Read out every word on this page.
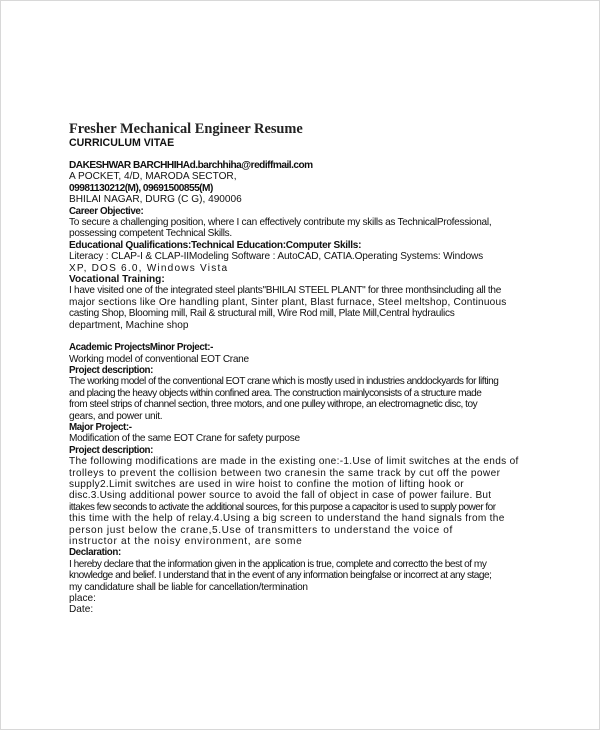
Fresher Mechanical Engineer Resume
CURRICULUM VITAE
DAKESHWAR BARCHHIHAd.barchhiha@rediffmail.com
A POCKET, 4/D, MARODA SECTOR,
09981130212(M), 09691500855(M)
BHILAI NAGAR, DURG (C G), 490006
Career Objective:
To secure a challenging position, where I can effectively contribute my skills as TechnicalProfessional,
possessing competent Technical Skills.
Educational Qualifications:Technical Education:Computer Skills:
Literacy : CLAP-I & CLAP-IIModeling Software : AutoCAD, CATIA.Operating Systems: Windows
XP, DOS 6.0, Windows Vista
Vocational Training:
I have visited one of the integrated steel plants"BHILAI STEEL PLANT" for three monthsincluding all the
major sections like Ore handling plant, Sinter plant, Blast furnace, Steel meltshop, Continuous
casting Shop, Blooming mill, Rail & structural mill, Wire Rod mill, Plate Mill,Central hydraulics
department, Machine shop
Academic ProjectsMinor Project:-
Working model of conventional EOT Crane
Project description:
The working model of the conventional EOT crane which is mostly used in industries anddockyards for lifting
and placing the heavy objects within confined area. The construction mainlyconsists of a structure made
from steel strips of channel section, three motors, and one pulley withrope, an electromagnetic disc, toy
gears, and power unit.
Major Project:-
Modification of the same EOT Crane for safety purpose
Project description:
The following modifications are made in the existing one:-1.Use of limit switches at the ends of
trolleys to prevent the collision between two cranesin the same track by cut off the power
supply2.Limit switches are used in wire hoist to confine the motion of lifting hook or
disc.3.Using additional power source to avoid the fall of object in case of power failure. But
ittakes few seconds to activate the additional sources, for this purpose a capacitor is used to supply power for
this time with the help of relay.4.Using a big screen to understand the hand signals from the
person just below the crane,5.Use of transmitters to understand the voice of
instructor at the noisy environment, are some
Declaration:
I hereby declare that the information given in the application is true, complete and correctto the best of my
knowledge and belief. I understand that in the event of any information beingfalse or incorrect at any stage;
my candidature shall be liable for cancellation/termination
place:
Date:
